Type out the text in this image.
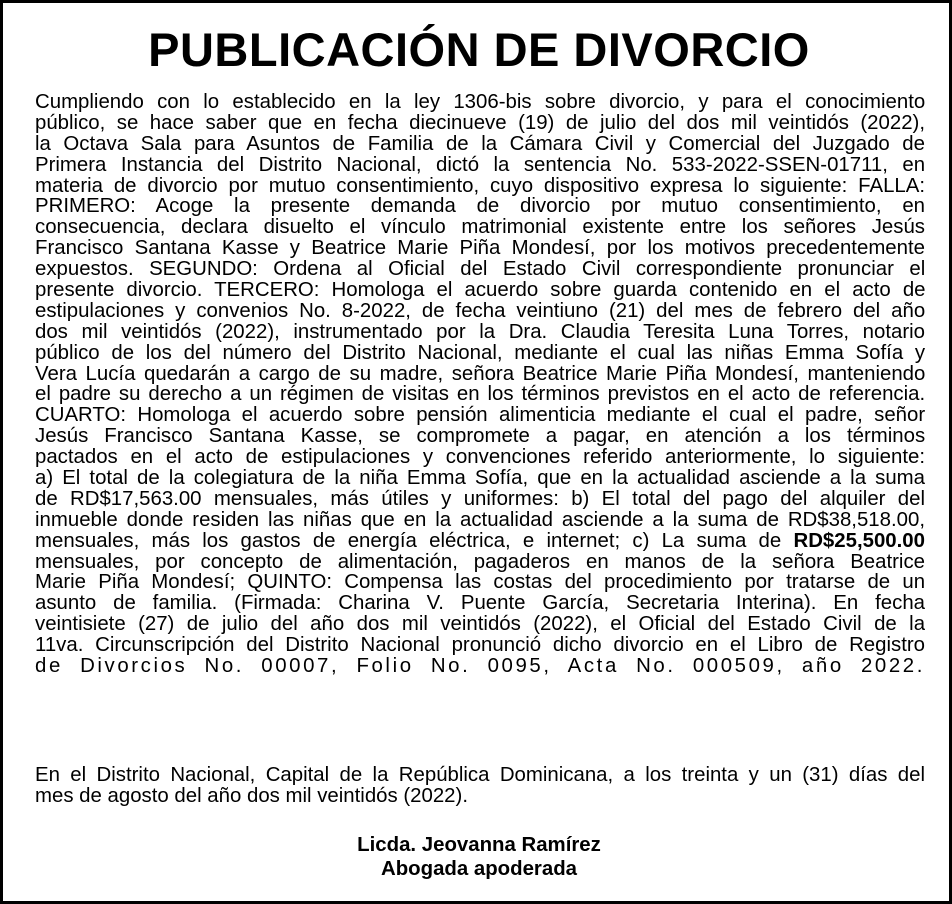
PUBLICACIÓN DE DIVORCIO
Cumpliendo con lo establecido en la ley 1306-bis sobre divorcio, y para el conocimiento
público, se hace saber que en fecha diecinueve (19) de julio del dos mil veintidós (2022),
la Octava Sala para Asuntos de Familia de la Cámara Civil y Comercial del Juzgado de
Primera Instancia del Distrito Nacional, dictó la sentencia No. 533-2022-SSEN-01711, en
materia de divorcio por mutuo consentimiento, cuyo dispositivo expresa lo siguiente: FALLA:
PRIMERO: Acoge la presente demanda de divorcio por mutuo consentimiento, en
consecuencia, declara disuelto el vínculo matrimonial existente entre los señores Jesús
Francisco Santana Kasse y Beatrice Marie Piña Mondesí, por los motivos precedentemente
expuestos. SEGUNDO: Ordena al Oficial del Estado Civil correspondiente pronunciar el
presente divorcio. TERCERO: Homologa el acuerdo sobre guarda contenido en el acto de
estipulaciones y convenios No. 8-2022, de fecha veintiuno (21) del mes de febrero del año
dos mil veintidós (2022), instrumentado por la Dra. Claudia Teresita Luna Torres, notario
público de los del número del Distrito Nacional, mediante el cual las niñas Emma Sofía y
Vera Lucía quedarán a cargo de su madre, señora Beatrice Marie Piña Mondesí, manteniendo
el padre su derecho a un régimen de visitas en los términos previstos en el acto de referencia.
CUARTO: Homologa el acuerdo sobre pensión alimenticia mediante el cual el padre, señor
Jesús Francisco Santana Kasse, se compromete a pagar, en atención a los términos
pactados en el acto de estipulaciones y convenciones referido anteriormente, lo siguiente:
a) El total de la colegiatura de la niña Emma Sofía, que en la actualidad asciende a la suma
de RD$17,563.00 mensuales, más útiles y uniformes: b) El total del pago del alquiler del
inmueble donde residen las niñas que en la actualidad asciende a la suma de RD$38,518.00,
mensuales, más los gastos de energía eléctrica, e internet; c) La suma de RD$25,500.00
mensuales, por concepto de alimentación, pagaderos en manos de la señora Beatrice
Marie Piña Mondesí; QUINTO: Compensa las costas del procedimiento por tratarse de un
asunto de familia. (Firmada: Charina V. Puente García, Secretaria Interina). En fecha
veintisiete (27) de julio del año dos mil veintidós (2022), el Oficial del Estado Civil de la
11va. Circunscripción del Distrito Nacional pronunció dicho divorcio en el Libro de Registro
de Divorcios No. 00007, Folio No. 0095, Acta No. 000509, año 2022.
En el Distrito Nacional, Capital de la República Dominicana, a los treinta y un (31) días del
mes de agosto del año dos mil veintidós (2022).
Licda. Jeovanna Ramírez
Abogada apoderada
